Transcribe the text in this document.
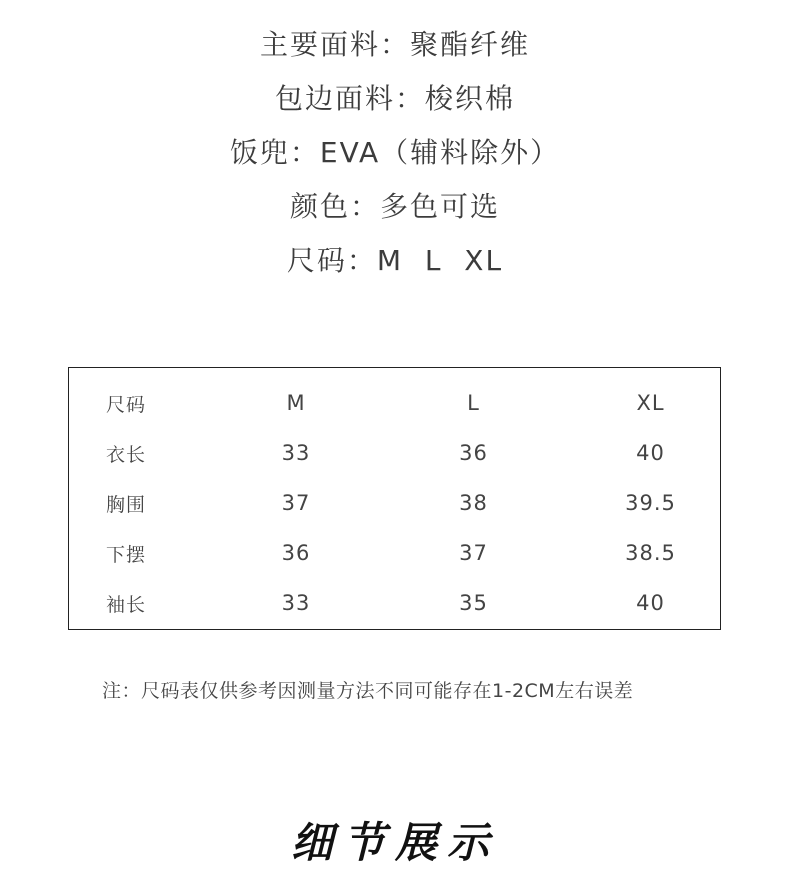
主要面料：聚酯纤维
包边面料：梭织棉
饭兜：EVA（辅料除外）
颜色：多色可选
尺码：M  L  XL
尺码	M	L	XL
衣长	33	36	40
胸围	37	38	39.5
下摆	36	37	38.5
袖长	33	35	40
注：尺码表仅供参考因测量方法不同可能存在1-2CM左右误差
细节展示
